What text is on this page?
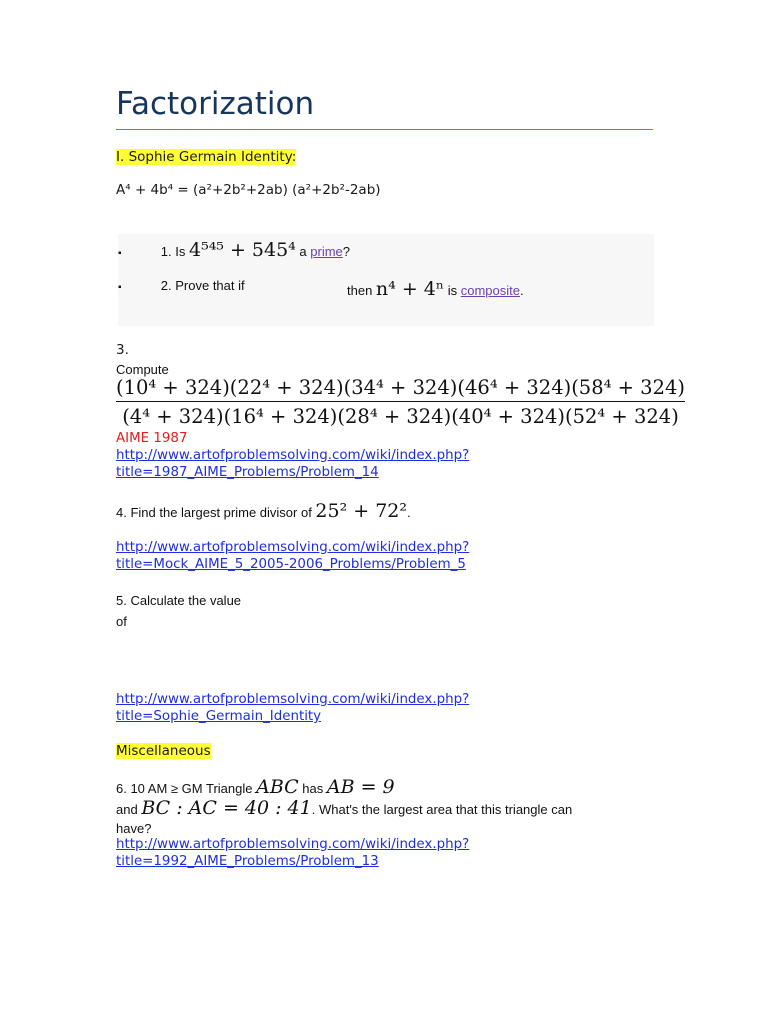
Factorization
I. Sophie Germain Identity:
A⁴ + 4b⁴ = (a²+2b²+2ab) (a²+2b²-2ab)
▪	1. Is 4⁵⁴⁵ + 545⁴ a prime?
▪	2. Prove that if	then n⁴ + 4ⁿ is composite.
3.
Compute
(10⁴ + 324)(22⁴ + 324)(34⁴ + 324)(46⁴ + 324)(58⁴ + 324)
(4⁴ + 324)(16⁴ + 324)(28⁴ + 324)(40⁴ + 324)(52⁴ + 324)
AIME 1987
http://www.artofproblemsolving.com/wiki/index.php?
title=1987_AIME_Problems/Problem_14
4. Find the largest prime divisor of 25² + 72².
http://www.artofproblemsolving.com/wiki/index.php?
title=Mock_AIME_5_2005-2006_Problems/Problem_5
5. Calculate the value
of
http://www.artofproblemsolving.com/wiki/index.php?
title=Sophie_Germain_Identity
Miscellaneous
6. 10 AM ≥ GM Triangle ABC has AB = 9
and BC : AC = 40 : 41. What's the largest area that this triangle can
have?
http://www.artofproblemsolving.com/wiki/index.php?
title=1992_AIME_Problems/Problem_13
